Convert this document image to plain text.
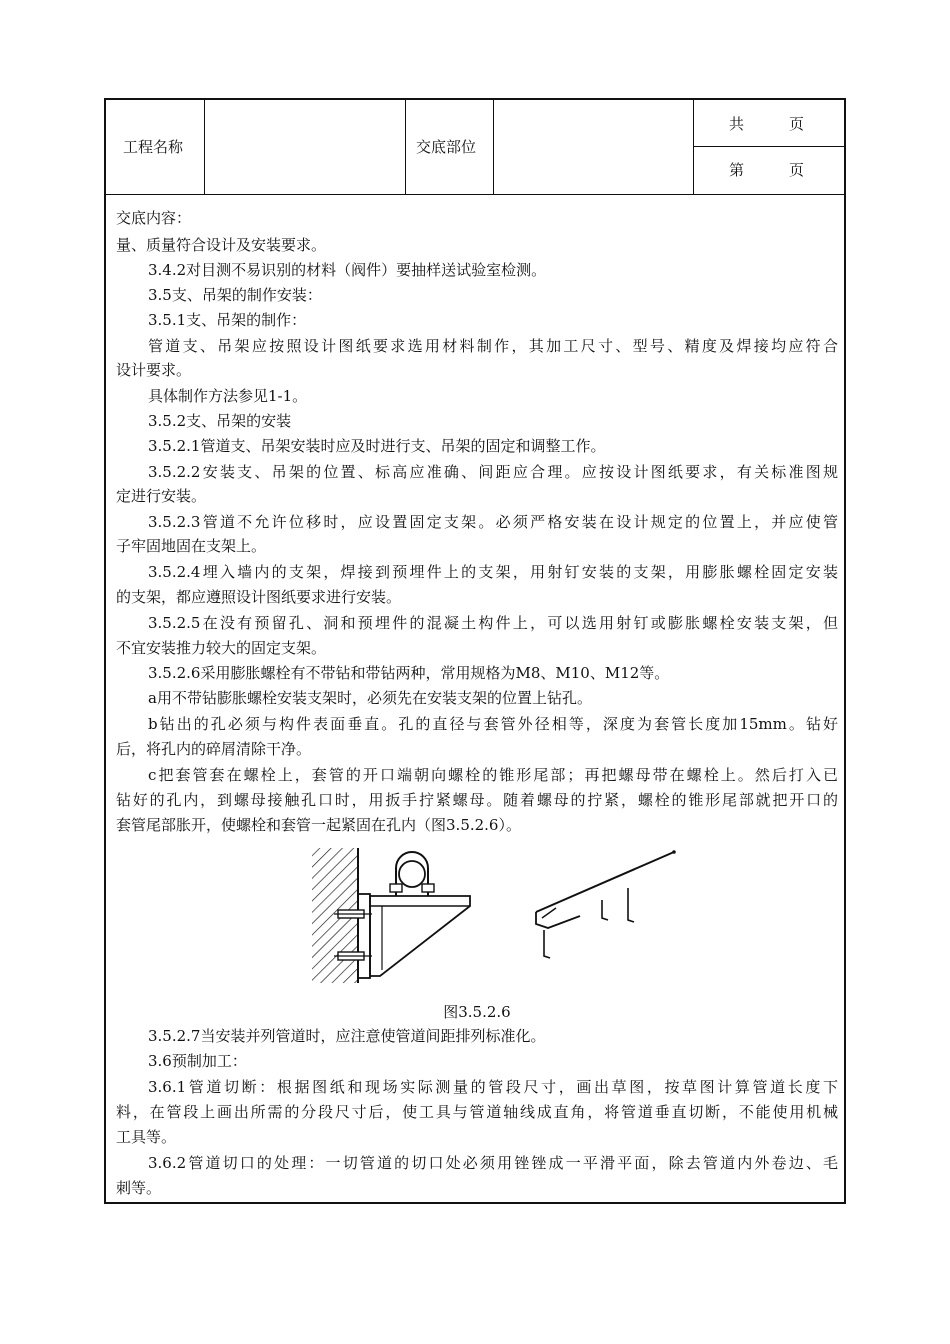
工程名称	交底部位
共　　　页
第　　　页
交底内容：
量、质量符合设计及安装要求。
3.4.2对目测不易识别的材料（阀件）要抽样送试验室检测。
3.5支、吊架的制作安装：
3.5.1支、吊架的制作：
管道支、吊架应按照设计图纸要求选用材料制作，其加工尺寸、型号、精度及焊接均应符合
设计要求。
具体制作方法参见1-1。
3.5.2支、吊架的安装
3.5.2.1管道支、吊架安装时应及时进行支、吊架的固定和调整工作。
3.5.2.2安装支、吊架的位置、标高应准确、间距应合理。应按设计图纸要求，有关标准图规
定进行安装。
3.5.2.3管道不允许位移时，应设置固定支架。必须严格安装在设计规定的位置上，并应使管
子牢固地固在支架上。
3.5.2.4埋入墙内的支架，焊接到预埋件上的支架，用射钉安装的支架，用膨胀螺栓固定安装
的支架，都应遵照设计图纸要求进行安装。
3.5.2.5在没有预留孔、洞和预埋件的混凝土构件上，可以选用射钉或膨胀螺栓安装支架，但
不宜安装推力较大的固定支架。
3.5.2.6采用膨胀螺栓有不带钻和带钻两种，常用规格为M8、M10、M12等。
a用不带钻膨胀螺栓安装支架时，必须先在安装支架的位置上钻孔。
b钻出的孔必须与构件表面垂直。孔的直径与套管外径相等，深度为套管长度加15mm。钻好
后，将孔内的碎屑清除干净。
c把套管套在螺栓上，套管的开口端朝向螺栓的锥形尾部；再把螺母带在螺栓上。然后打入已
钻好的孔内，到螺母接触孔口时，用扳手拧紧螺母。随着螺母的拧紧，螺栓的锥形尾部就把开口的
套管尾部胀开，使螺栓和套管一起紧固在孔内（图3.5.2.6）。
图3.5.2.6
3.5.2.7当安装并列管道时，应注意使管道间距排列标准化。
3.6预制加工：
3.6.1管道切断：根据图纸和现场实际测量的管段尺寸，画出草图，按草图计算管道长度下
料，在管段上画出所需的分段尺寸后，使工具与管道轴线成直角，将管道垂直切断，不能使用机械
工具等。
3.6.2管道切口的处理：一切管道的切口处必须用锉锉成一平滑平面，除去管道内外卷边、毛
刺等。
